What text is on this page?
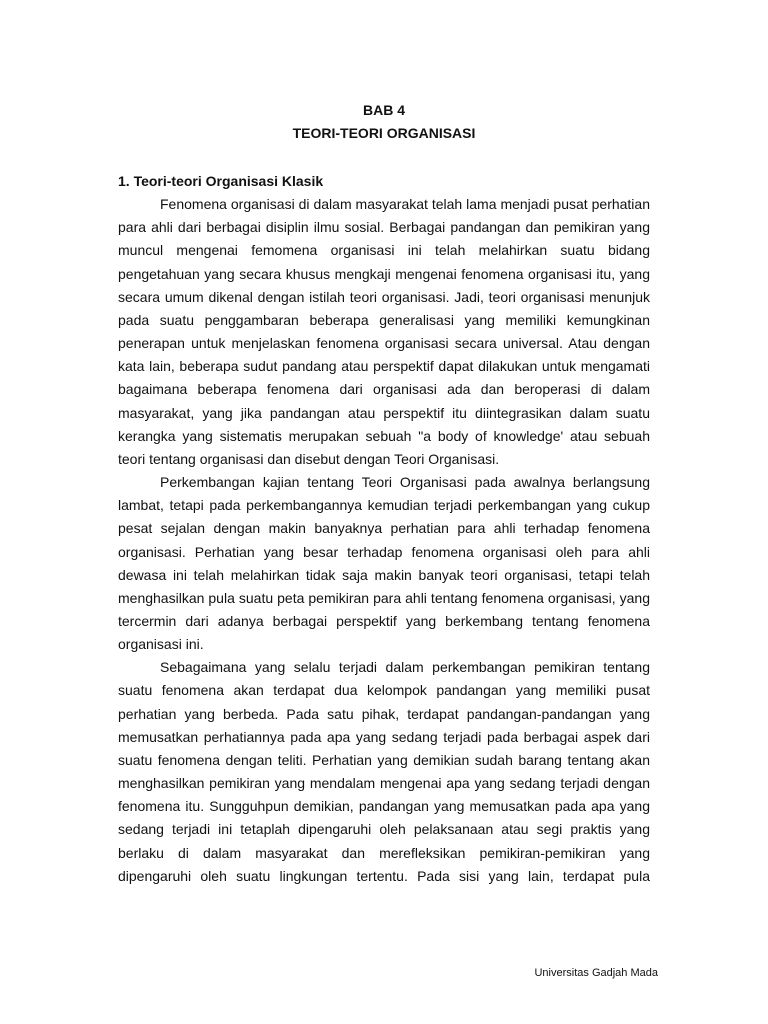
BAB 4
TEORI-TEORI ORGANISASI

1. Teori-teori Organisasi Klasik

Fenomena organisasi di dalam masyarakat telah lama menjadi pusat perhatian para ahli dari berbagai disiplin ilmu sosial. Berbagai pandangan dan pemikiran yang muncul mengenai femomena organisasi ini telah melahirkan suatu bidang pengetahuan yang secara khusus mengkaji mengenai fenomena organisasi itu, yang secara umum dikenal dengan istilah teori organisasi. Jadi, teori organisasi menunjuk pada suatu penggambaran beberapa generalisasi yang memiliki kemungkinan penerapan untuk menjelaskan fenomena organisasi secara universal. Atau dengan kata lain, beberapa sudut pandang atau perspektif dapat dilakukan untuk mengamati bagaimana beberapa fenomena dari organisasi ada dan beroperasi di dalam masyarakat, yang jika pandangan atau perspektif itu diintegrasikan dalam suatu kerangka yang sistematis merupakan sebuah "a body of knowledge' atau sebuah teori tentang organisasi dan disebut dengan Teori Organisasi.

Perkembangan kajian tentang Teori Organisasi pada awalnya berlangsung lambat, tetapi pada perkembangannya kemudian terjadi perkembangan yang cukup pesat sejalan dengan makin banyaknya perhatian para ahli terhadap fenomena organisasi. Perhatian yang besar terhadap fenomena organisasi oleh para ahli dewasa ini telah melahirkan tidak saja makin banyak teori organisasi, tetapi telah menghasilkan pula suatu peta pemikiran para ahli tentang fenomena organisasi, yang tercermin dari adanya berbagai perspektif yang berkembang tentang fenomena organisasi ini.

Sebagaimana yang selalu terjadi dalam perkembangan pemikiran tentang suatu fenomena akan terdapat dua kelompok pandangan yang memiliki pusat perhatian yang berbeda. Pada satu pihak, terdapat pandangan-pandangan yang memusatkan perhatiannya pada apa yang sedang terjadi pada berbagai aspek dari suatu fenomena dengan teliti. Perhatian yang demikian sudah barang tentang akan menghasilkan pemikiran yang mendalam mengenai apa yang sedang terjadi dengan fenomena itu. Sungguhpun demikian, pandangan yang memusatkan pada apa yang sedang terjadi ini tetaplah dipengaruhi oleh pelaksanaan atau segi praktis yang berlaku di dalam masyarakat dan merefleksikan pemikiran-pemikiran yang dipengaruhi oleh suatu lingkungan tertentu. Pada sisi yang lain, terdapat pula

Universitas Gadjah Mada
